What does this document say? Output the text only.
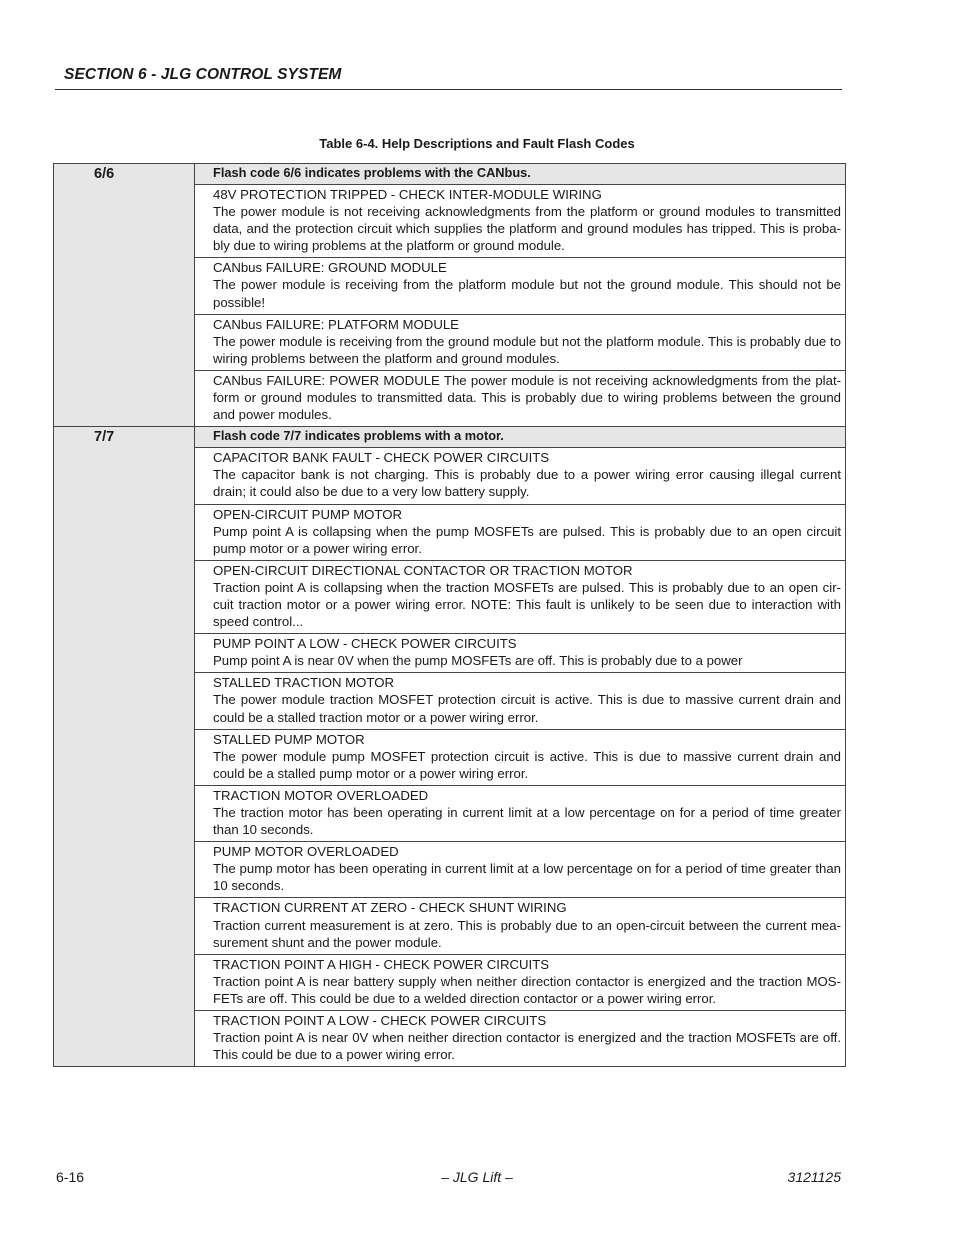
SECTION 6 - JLG CONTROL SYSTEM
Table 6-4. Help Descriptions and Fault Flash Codes
6/6	Flash code 6/6 indicates problems with the CANbus.

	48V PROTECTION TRIPPED - CHECK INTER-MODULE WIRING
The power module is not receiving acknowledgments from the platform or ground modules to transmitted data, and the protection circuit which supplies the platform and ground modules has tripped. This is proba-bly due to wiring problems at the platform or ground module.

	CANbus FAILURE: GROUND MODULE
The power module is receiving from the platform module but not the ground module. This should not be possible!

	CANbus FAILURE: PLATFORM MODULE
The power module is receiving from the ground module but not the platform module. This is probably due to wiring problems between the platform and ground modules.

	CANbus FAILURE: POWER MODULE The power module is not receiving acknowledgments from the plat-form or ground modules to transmitted data. This is probably due to wiring problems between the ground and power modules.

7/7	Flash code 7/7 indicates problems with a motor.

	CAPACITOR BANK FAULT - CHECK POWER CIRCUITS
The capacitor bank is not charging. This is probably due to a power wiring error causing illegal current drain; it could also be due to a very low battery supply.

	OPEN-CIRCUIT PUMP MOTOR
Pump point A is collapsing when the pump MOSFETs are pulsed. This is probably due to an open circuit pump motor or a power wiring error.

	OPEN-CIRCUIT DIRECTIONAL CONTACTOR OR TRACTION MOTOR
Traction point A is collapsing when the traction MOSFETs are pulsed. This is probably due to an open cir-cuit traction motor or a power wiring error. NOTE: This fault is unlikely to be seen due to interaction with speed control...

	PUMP POINT A LOW - CHECK POWER CIRCUITS
Pump point A is near 0V when the pump MOSFETs are off. This is probably due to a power

	STALLED TRACTION MOTOR
The power module traction MOSFET protection circuit is active. This is due to massive current drain and could be a stalled traction motor or a power wiring error.

	STALLED PUMP MOTOR
The power module pump MOSFET protection circuit is active. This is due to massive current drain and could be a stalled pump motor or a power wiring error.

	TRACTION MOTOR OVERLOADED
The traction motor has been operating in current limit at a low percentage on for a period of time greater than 10 seconds.

	PUMP MOTOR OVERLOADED
The pump motor has been operating in current limit at a low percentage on for a period of time greater than 10 seconds.

	TRACTION CURRENT AT ZERO - CHECK SHUNT WIRING
Traction current measurement is at zero. This is probably due to an open-circuit between the current mea-surement shunt and the power module.

	TRACTION POINT A HIGH - CHECK POWER CIRCUITS
Traction point A is near battery supply when neither direction contactor is energized and the traction MOS-FETs are off. This could be due to a welded direction contactor or a power wiring error.

	TRACTION POINT A LOW - CHECK POWER CIRCUITS
Traction point A is near 0V when neither direction contactor is energized and the traction MOSFETs are off. This could be due to a power wiring error.
6-16	– JLG Lift –	3121125
